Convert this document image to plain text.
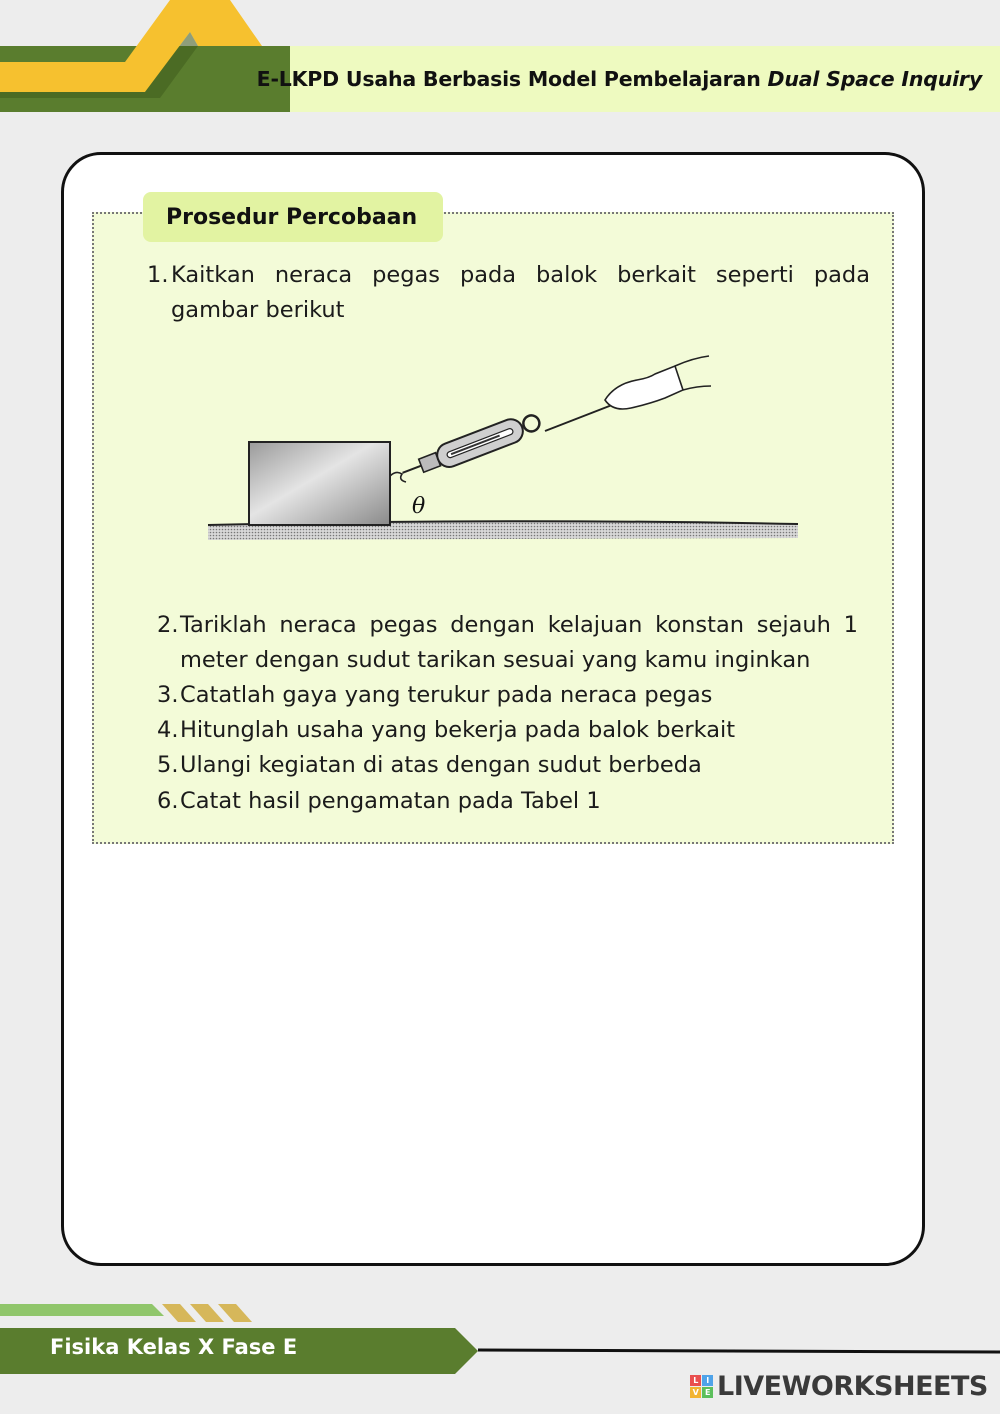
E-LKPD Usaha Berbasis Model Pembelajaran Dual Space Inquiry
Prosedur Percobaan
1. Kaitkan neraca pegas pada balok berkait seperti pada gambar berikut
θ
2. Tariklah neraca pegas dengan kelajuan konstan sejauh 1 meter dengan sudut tarikan sesuai yang kamu inginkan
3. Catatlah gaya yang terukur pada neraca pegas
4. Hitunglah usaha yang bekerja pada balok berkait
5. Ulangi kegiatan di atas dengan sudut berbeda
6. Catat hasil pengamatan pada Tabel 1
Fisika Kelas X Fase E
L	I
V E LIVEWORKSHEETS
